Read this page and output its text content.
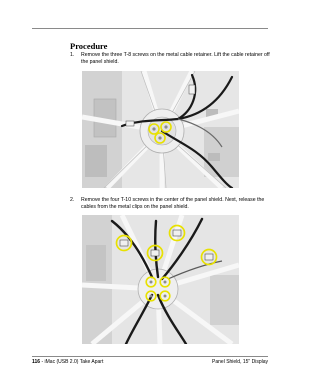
Procedure
1. Remove the three T-8 screws on the metal cable retainer. Lift the cable retainer off the panel shield.
2. Remove the four T-10 screws in the center of the panel shield. Next, release the cables from the metal clips on the panel shield.
116 - iMac (USB 2.0) Take Apart	Panel Shield, 15" Display
